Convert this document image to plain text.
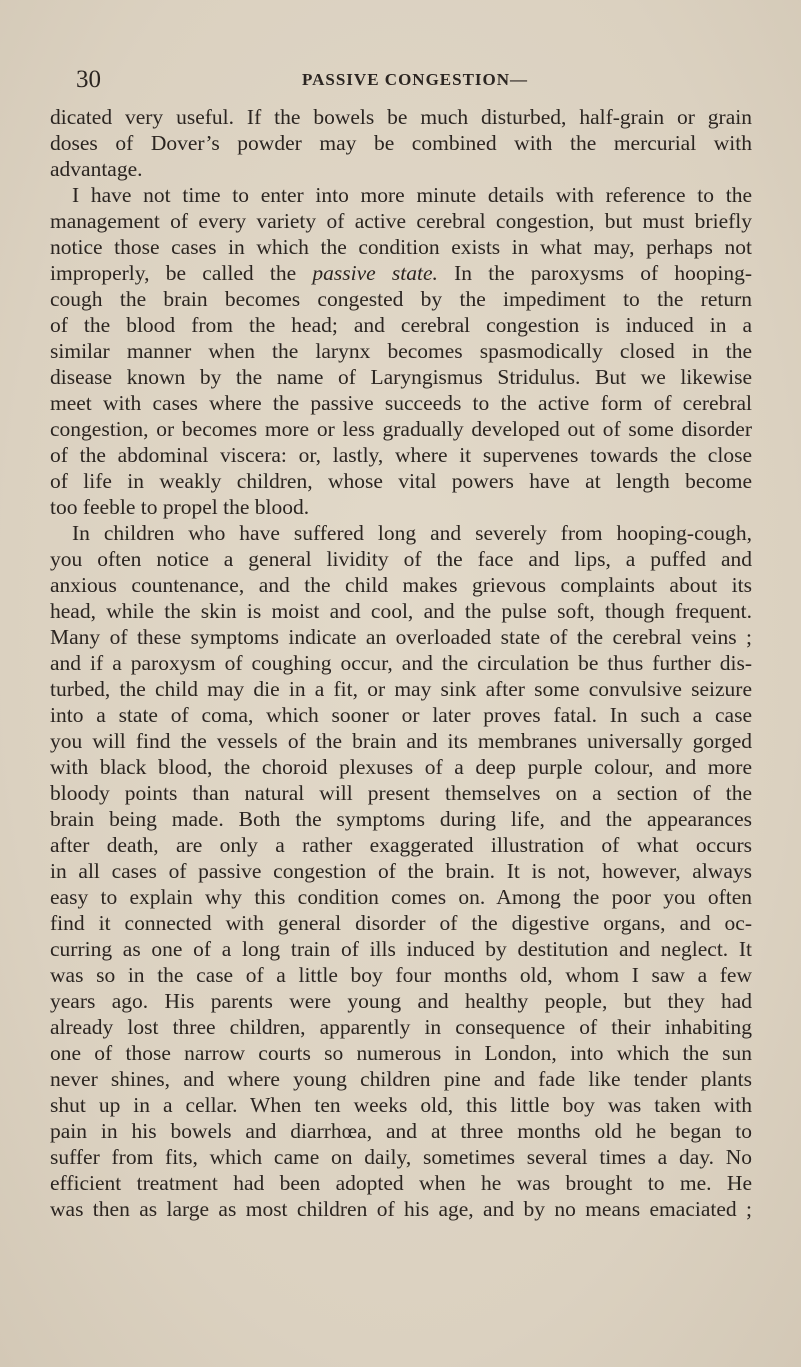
30	PASSIVE CONGESTION—
dicated very useful. If the bowels be much disturbed, half-grain or grain
doses of Dover’s powder may be combined with the mercurial with
advantage.
I have not time to enter into more minute details with reference to the
management of every variety of active cerebral congestion, but must briefly
notice those cases in which the condition exists in what may, perhaps not
improperly, be called the passive state. In the paroxysms of hooping-
cough the brain becomes congested by the impediment to the return
of the blood from the head; and cerebral congestion is induced in a
similar manner when the larynx becomes spasmodically closed in the
disease known by the name of Laryngismus Stridulus. But we likewise
meet with cases where the passive succeeds to the active form of cerebral
congestion, or becomes more or less gradually developed out of some disorder
of the abdominal viscera: or, lastly, where it supervenes towards the close
of life in weakly children, whose vital powers have at length become
too feeble to propel the blood.
In children who have suffered long and severely from hooping-cough,
you often notice a general lividity of the face and lips, a puffed and
anxious countenance, and the child makes grievous complaints about its
head, while the skin is moist and cool, and the pulse soft, though frequent.
Many of these symptoms indicate an overloaded state of the cerebral veins ;
and if a paroxysm of coughing occur, and the circulation be thus further dis-
turbed, the child may die in a fit, or may sink after some convulsive seizure
into a state of coma, which sooner or later proves fatal. In such a case
you will find the vessels of the brain and its membranes universally gorged
with black blood, the choroid plexuses of a deep purple colour, and more
bloody points than natural will present themselves on a section of the
brain being made. Both the symptoms during life, and the appearances
after death, are only a rather exaggerated illustration of what occurs
in all cases of passive congestion of the brain. It is not, however, always
easy to explain why this condition comes on. Among the poor you often
find it connected with general disorder of the digestive organs, and oc-
curring as one of a long train of ills induced by destitution and neglect. It
was so in the case of a little boy four months old, whom I saw a few
years ago. His parents were young and healthy people, but they had
already lost three children, apparently in consequence of their inhabiting
one of those narrow courts so numerous in London, into which the sun
never shines, and where young children pine and fade like tender plants
shut up in a cellar. When ten weeks old, this little boy was taken with
pain in his bowels and diarrhœa, and at three months old he began to
suffer from fits, which came on daily, sometimes several times a day. No
efficient treatment had been adopted when he was brought to me. He
was then as large as most children of his age, and by no means emaciated ;
